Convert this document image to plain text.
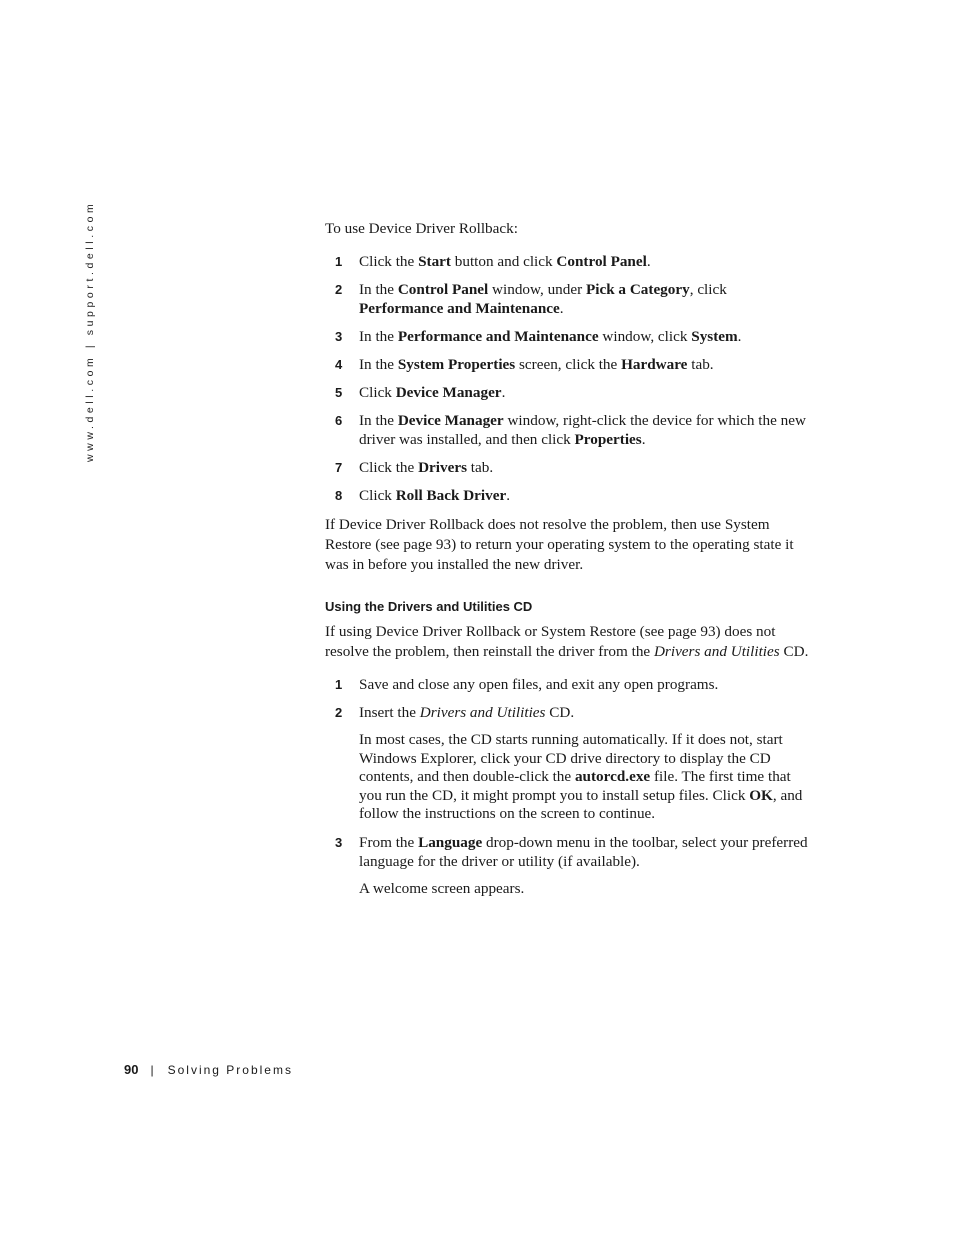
www.dell.com | support.dell.com	To use Device Driver Rollback:

1 Click the Start button and click Control Panel.
2 In the Control Panel window, under Pick a Category, click
Performance and Maintenance.
3 In the Performance and Maintenance window, click System.
4 In the System Properties screen, click the Hardware tab.
5 Click Device Manager.
6 In the Device Manager window, right-click the device for which the new driver was installed, and then click Properties.
7 Click the Drivers tab.
8 Click Roll Back Driver.

If Device Driver Rollback does not resolve the problem, then use System Restore (see page 93) to return your operating system to the operating state it was in before you installed the new driver.

Using the Drivers and Utilities CD

If using Device Driver Rollback or System Restore (see page 93) does not resolve the problem, then reinstall the driver from the Drivers and Utilities CD.

1 Save and close any open files, and exit any open programs.
2 Insert the Drivers and Utilities CD.

In most cases, the CD starts running automatically. If it does not, start Windows Explorer, click your CD drive directory to display the CD contents, and then double-click the autorcd.exe file. The first time that you run the CD, it might prompt you to install setup files. Click OK, and follow the instructions on the screen to continue.

3 From the Language drop-down menu in the toolbar, select your preferred language for the driver or utility (if available).

A welcome screen appears.

90 | Solving Problems
